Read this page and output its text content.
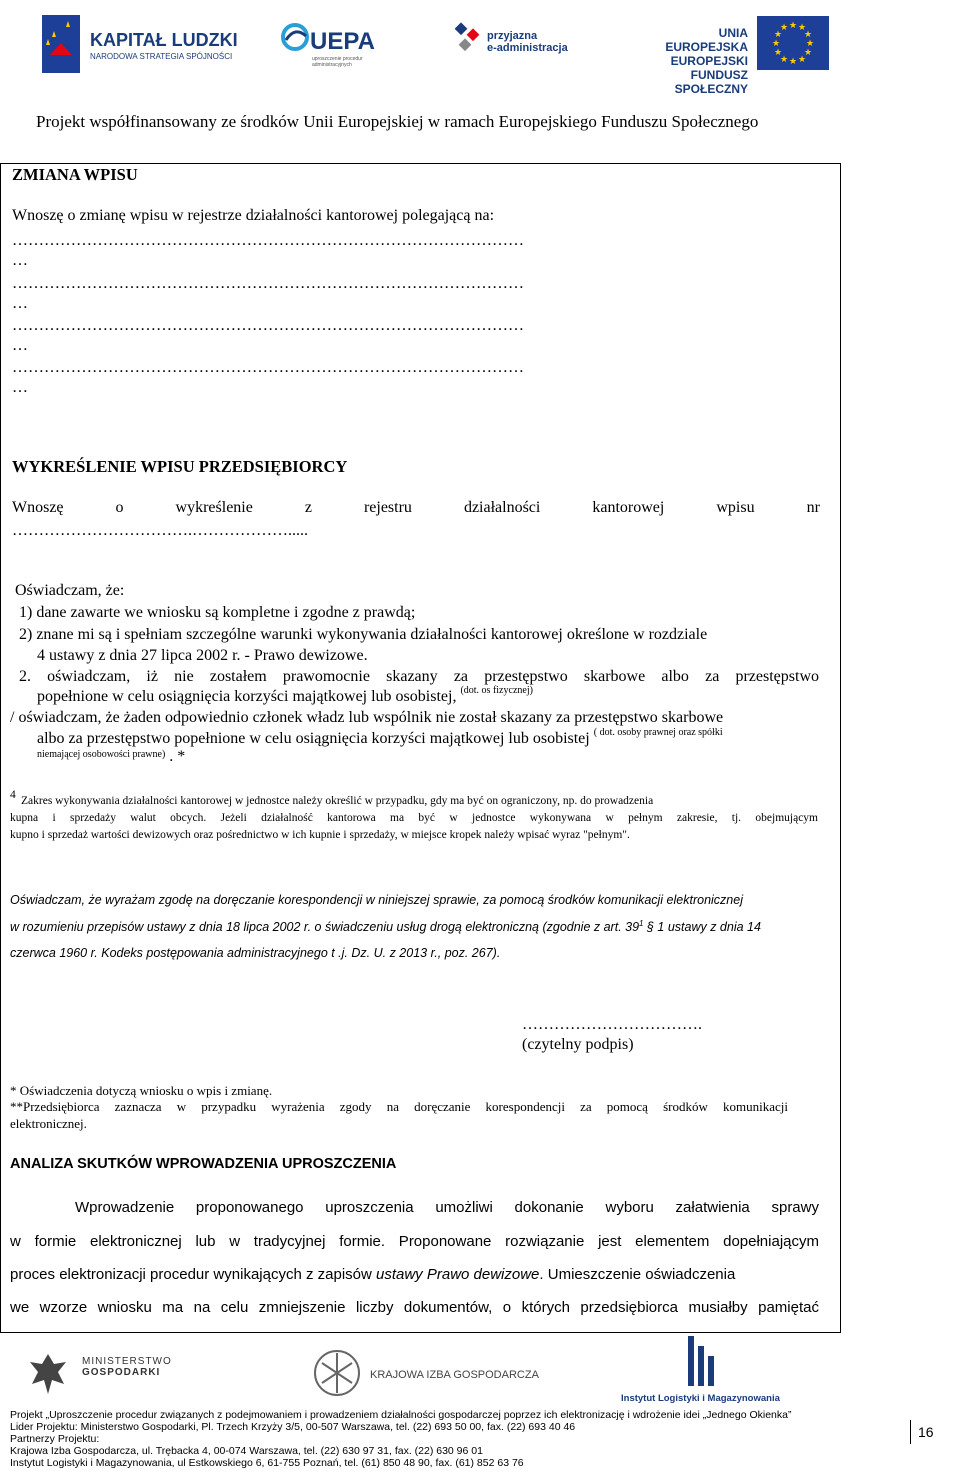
KAPITAŁ LUDZKI
NARODOWA STRATEGIA SPÓJNOŚCI
UEPA
uproszczenie procedur administracyjnych
przyjazna
e-administracja
UNIA EUROPEJSKA
EUROPEJSKI
FUNDUSZ SPOŁECZNY
★ ★
★
★
★
★
★
★
★
★
★
★
Projekt współfinansowany ze środków Unii Europejskiej w ramach Europejskiego Funduszu Społecznego
ZMIANA WPISU
Wnoszę o zmianę wpisu w rejestrze działalności kantorowej polegającą na:
……………………………………………………………………………………
…
……………………………………………………………………………………
…
……………………………………………………………………………………
…
……………………………………………………………………………………
…
WYKREŚLENIE WPISU PRZEDSIĘBIORCY
Wnoszę	o	wykreślenie	z	rejestru	działalności	kantorowej	wpisu	nr
…………………………….……………….....
Oświadczam, że:
1) dane zawarte we wniosku są kompletne i zgodne z prawdą;
2) znane mi są i spełniam szczególne warunki wykonywania działalności kantorowej określone w rozdziale
4 ustawy z dnia 27 lipca 2002 r. - Prawo dewizowe.
2. oświadczam, iż nie zostałem prawomocnie skazany za przestępstwo skarbowe albo za przestępstwo
popełnione w celu osiągnięcia korzyści majątkowej lub osobistej, $^{(dot. os fizycznej)}$
/ oświadczam, że żaden odpowiednio członek władz lub wspólnik nie został skazany za przestępstwo skarbowe
albo za przestępstwo popełnione w celu osiągnięcia korzyści majątkowej lub osobistej $^{( dot. osoby prawnej oraz spółki}$
$^{niemającej osobowości prawne)}$ . *
4 Zakres wykonywania działalności kantorowej w jednostce należy określić w przypadku, gdy ma być on ograniczony, np. do prowadzenia
kupna i sprzedaży walut obcych. Jeżeli działalność kantorowa ma być w jednostce wykonywana w pełnym zakresie, tj. obejmującym
kupno i sprzedaż wartości dewizowych oraz pośrednictwo w ich kupnie i sprzedaży, w miejsce kropek należy wpisać wyraz "pełnym".
Oświadczam, że wyrażam zgodę na doręczanie korespondencji w niniejszej sprawie, za pomocą środków komunikacji elektronicznej
w rozumieniu przepisów ustawy z dnia 18 lipca 2002 r. o świadczeniu usług drogą elektroniczną (zgodnie z art. $39^1$ § 1 ustawy z dnia 14
czerwca 1960 r. Kodeks postępowania administracyjnego t .j. Dz. U. z 2013 r., poz. 267).
…………………………….
(czytelny podpis)
* Oświadczenia dotyczą wniosku o wpis i zmianę.
**Przedsiębiorca zaznacza w przypadku wyrażenia zgody na doręczanie korespondencji za pomocą środków komunikacji
elektronicznej.
ANALIZA SKUTKÓW WPROWADZENIA UPROSZCZENIA
Wprowadzenie proponowanego uproszczenia umożliwi dokonanie wyboru załatwienia sprawy
w formie elektronicznej lub w tradycyjnej formie. Proponowane rozwiązanie jest elementem dopełniającym
proces elektronizacji procedur wynikających z zapisów ustawy Prawo dewizowe. Umieszczenie oświadczenia
we wzorze wniosku ma na celu zmniejszenie liczby dokumentów, o których przedsiębiorca musiałby pamiętać
MINISTERSTWO
GOSPODARKI	KRAJOWA IZBA GOSPODARCZA
Instytut Logistyki i Magazynowania
Projekt „Uproszczenie procedur związanych z podejmowaniem i prowadzeniem działalności gospodarczej poprzez ich elektronizację i wdrożenie idei „Jednego Okienka”
Lider Projektu: Ministerstwo Gospodarki, Pl. Trzech Krzyży 3/5, 00-507 Warszawa, tel. (22) 693 50 00, fax. (22) 693 40 46
Partnerzy Projektu:
Krajowa Izba Gospodarcza, ul. Trębacka 4, 00-074 Warszawa, tel. (22) 630 97 31, fax. (22) 630 96 01
Instytut Logistyki i Magazynowania, ul Estkowskiego 6, 61-755 Poznań, tel. (61) 850 48 90, fax. (61) 852 63 76
16
